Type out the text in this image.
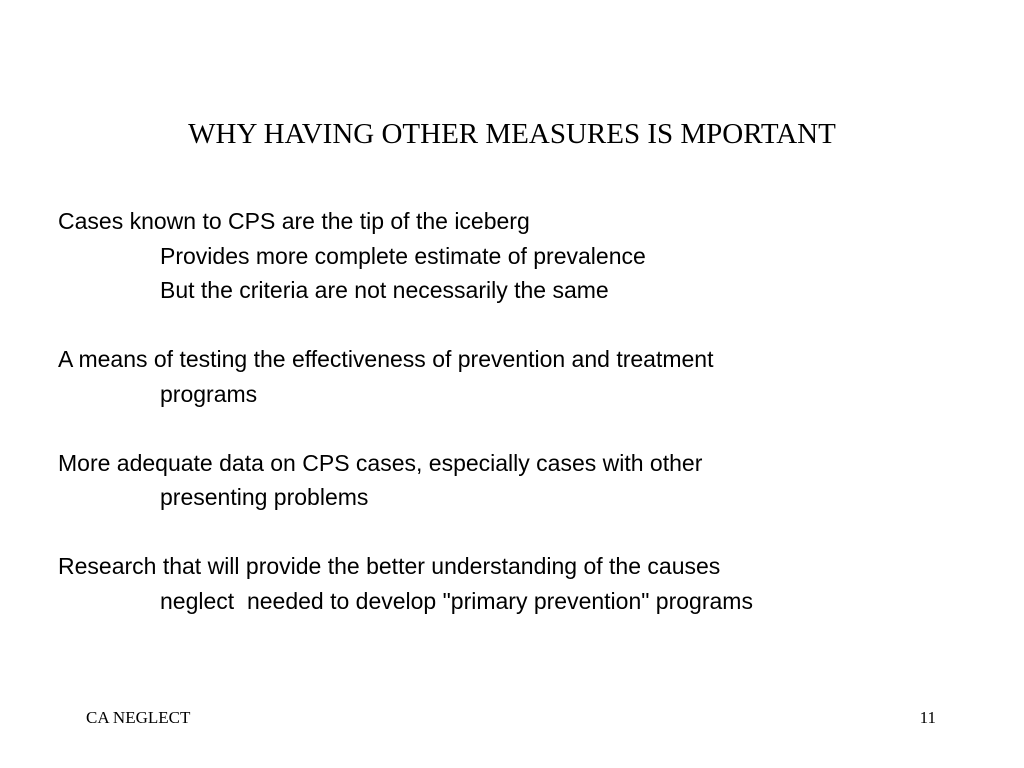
WHY HAVING OTHER MEASURES IS MPORTANT
Cases known to CPS are the tip of the iceberg
Provides more complete estimate of prevalence
But the criteria are not necessarily the same
A means of testing the effectiveness of prevention and treatment
programs
More adequate data on CPS cases, especially cases with other
presenting problems
Research that will provide the better understanding of the causes
neglect  needed to develop "primary prevention" programs
CA NEGLECT	11
